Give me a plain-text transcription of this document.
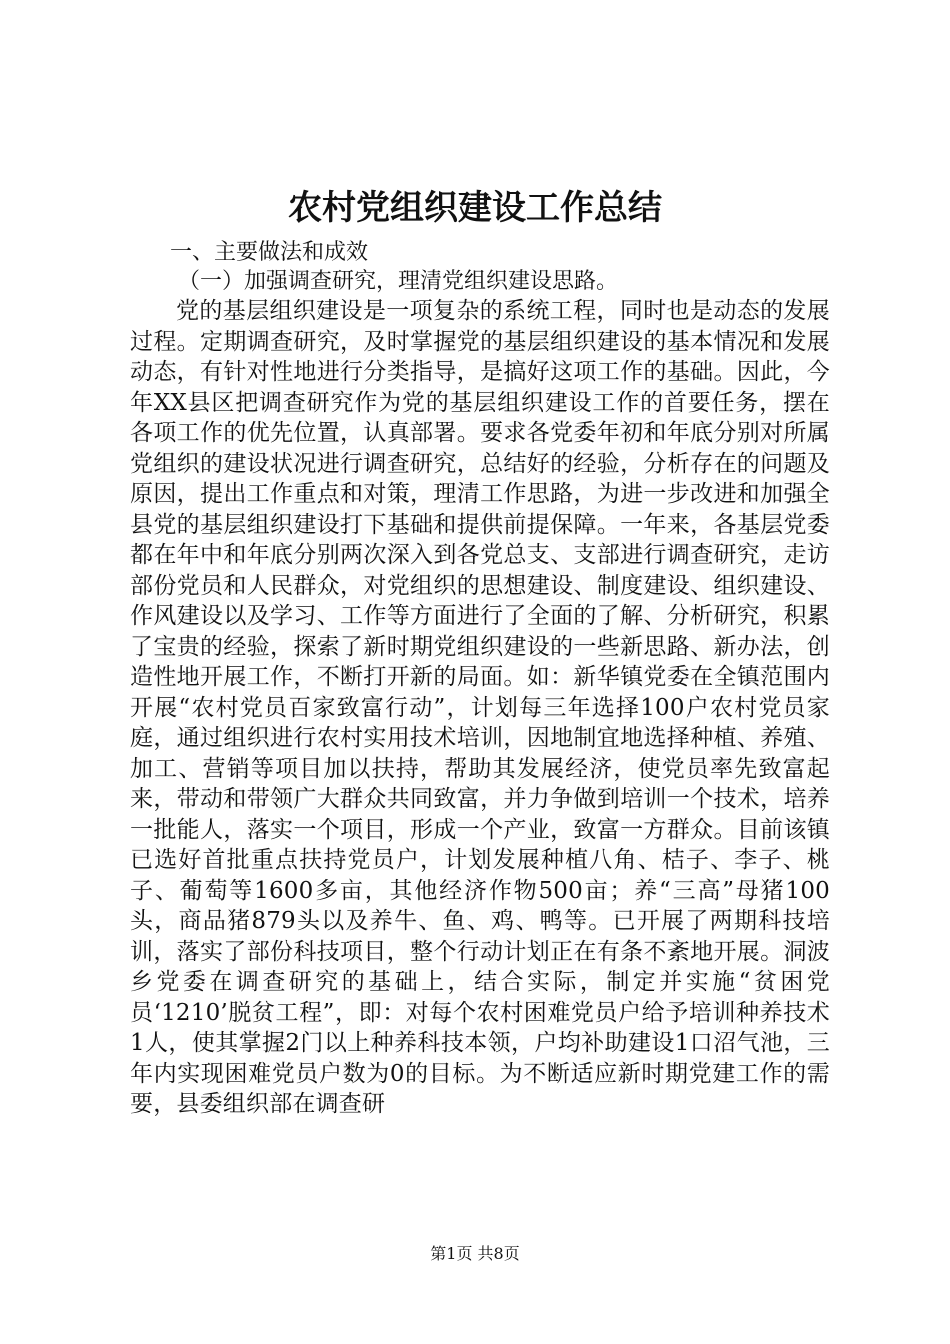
农村党组织建设工作总结

一、主要做法和成效

（一）加强调查研究，理清党组织建设思路。

党的基层组织建设是一项复杂的系统工程，同时也是动态的发展过程。定期调查研究，及时掌握党的基层组织建设的基本情况和发展动态，有针对性地进行分类指导，是搞好这项工作的基础。因此，今年XX县区把调查研究作为党的基层组织建设工作的首要任务，摆在各项工作的优先位置，认真部署。要求各党委年初和年底分别对所属党组织的建设状况进行调查研究，总结好的经验，分析存在的问题及原因，提出工作重点和对策，理清工作思路，为进一步改进和加强全县党的基层组织建设打下基础和提供前提保障。一年来，各基层党委都在年中和年底分别两次深入到各党总支、支部进行调查研究，走访部份党员和人民群众，对党组织的思想建设、制度建设、组织建设、作风建设以及学习、工作等方面进行了全面的了解、分析研究，积累了宝贵的经验，探索了新时期党组织建设的一些新思路、新办法，创造性地开展工作，不断打开新的局面。如：新华镇党委在全镇范围内开展“农村党员百家致富行动”，计划每三年选择100户农村党员家庭，通过组织进行农村实用技术培训，因地制宜地选择种植、养殖、加工、营销等项目加以扶持，帮助其发展经济，使党员率先致富起来，带动和带领广大群众共同致富，并力争做到培训一个技术，培养一批能人，落实一个项目，形成一个产业，致富一方群众。目前该镇已选好首批重点扶持党员户，计划发展种植八角、桔子、李子、桃子、葡萄等1600多亩，其他经济作物500亩；养“三高”母猪100头，商品猪879头以及养牛、鱼、鸡、鸭等。已开展了两期科技培训，落实了部份科技项目，整个行动计划正在有条不紊地开展。洞波乡党委在调查研究的基础上，结合实际，制定并实施“贫困党员‘1210’脱贫工程”，即：对每个农村困难党员户给予培训种养技术1人，使其掌握2门以上种养科技本领，户均补助建设1口沼气池，三年内实现困难党员户数为0的目标。为不断适应新时期党建工作的需要，县委组织部在调查研

第1页 共8页
